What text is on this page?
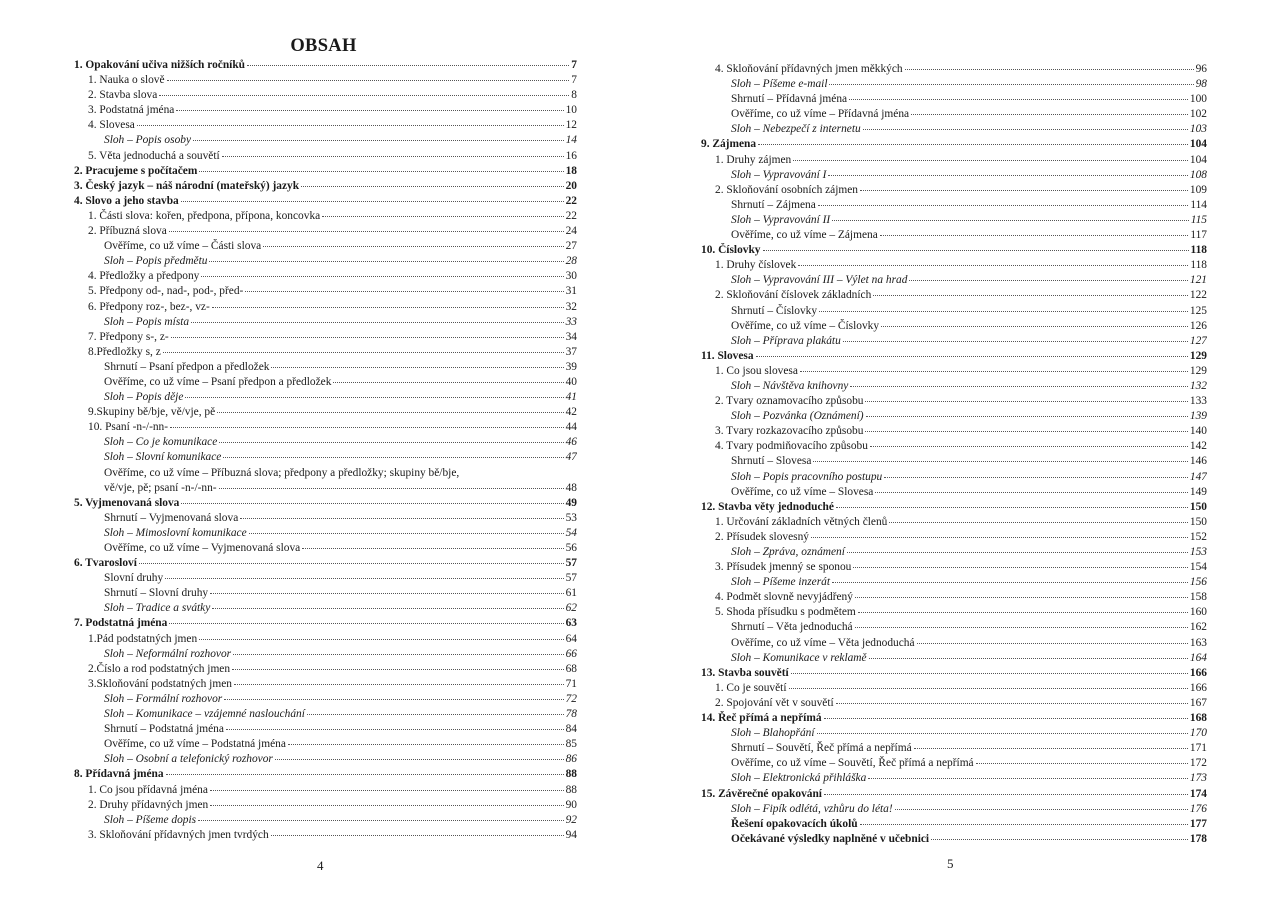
OBSAH
1. Opakování učiva nižších ročníků	7
1. Nauka o slově	7
2. Stavba slova	8
3. Podstatná jména	10
4. Slovesa	12
Sloh – Popis osoby	14
5. Věta jednoduchá a souvětí	16
2. Pracujeme s počítačem	18
3. Český jazyk – náš národní (mateřský) jazyk	20
4. Slovo a jeho stavba	22
1. Části slova: kořen, předpona, přípona, koncovka	22
2. Příbuzná slova	24
Ověříme, co už víme – Části slova	27
Sloh – Popis předmětu	28
4. Předložky a předpony	30
5. Předpony od-, nad-, pod-, před-	31
6. Předpony roz-, bez-, vz-	32
Sloh – Popis místa	33
7. Předpony s-, z-	34
8.Předložky s, z	37
Shrnutí – Psaní předpon a předložek	39
Ověříme, co už víme – Psaní předpon a předložek	40
Sloh – Popis děje	41
9.Skupiny bě/bje, vě/vje, pě	42
10. Psaní -n-/-nn-	44
Sloh – Co je komunikace	46
Sloh – Slovní komunikace	47
Ověříme, co už víme – Příbuzná slova; předpony a předložky; skupiny bě/bje,
vě/vje, pě; psaní -n-/-nn-	48
5. Vyjmenovaná slova	49
Shrnutí – Vyjmenovaná slova	53
Sloh – Mimoslovní komunikace	54
Ověříme, co už víme – Vyjmenovaná slova	56
6. Tvarosloví	57
Slovní druhy	57
Shrnutí – Slovní druhy	61
Sloh – Tradice a svátky	62
7. Podstatná jména	63
1.Pád podstatných jmen	64
Sloh – Neformální rozhovor	66
2.Číslo a rod podstatných jmen	68
3.Skloňování podstatných jmen	71
Sloh – Formální rozhovor	72
Sloh – Komunikace – vzájemné naslouchání	78
Shrnutí – Podstatná jména	84
Ověříme, co už víme – Podstatná jména	85
Sloh – Osobní a telefonický rozhovor	86
8. Přídavná jména	88
1. Co jsou přídavná jména	88
2. Druhy přídavných jmen	90
Sloh – Píšeme dopis	92
3. Skloňování přídavných jmen tvrdých	94
4
4. Skloňování přídavných jmen měkkých	96
Sloh – Píšeme e-mail	98
Shrnutí – Přídavná jména	100
Ověříme, co už víme – Přídavná jména	102
Sloh – Nebezpečí z internetu	103
9. Zájmena	104
1. Druhy zájmen	104
Sloh – Vypravování I	108
2. Skloňování osobních zájmen	109
Shrnutí – Zájmena	114
Sloh – Vypravování II	115
Ověříme, co už víme – Zájmena	117
10. Číslovky	118
1. Druhy číslovek	118
Sloh – Vypravování III – Výlet na hrad	121
2. Skloňování číslovek základních	122
Shrnutí – Číslovky	125
Ověříme, co už víme – Číslovky	126
Sloh – Příprava plakátu	127
11. Slovesa	129
1. Co jsou slovesa	129
Sloh – Návštěva knihovny	132
2. Tvary oznamovacího způsobu	133
Sloh – Pozvánka (Oznámení)	139
3. Tvary rozkazovacího způsobu	140
4. Tvary podmiňovacího způsobu	142
Shrnutí – Slovesa	146
Sloh – Popis pracovního postupu	147
Ověříme, co už víme – Slovesa	149
12. Stavba věty jednoduché	150
1. Určování základních větných členů	150
2. Přísudek slovesný	152
Sloh – Zpráva, oznámení	153
3. Přísudek jmenný se sponou	154
Sloh – Píšeme inzerát	156
4. Podmět slovně nevyjádřený	158
5. Shoda přísudku s podmětem	160
Shrnutí – Věta jednoduchá	162
Ověříme, co už víme – Věta jednoduchá	163
Sloh – Komunikace v reklamě	164
13. Stavba souvětí	166
1. Co je souvětí	166
2. Spojování vět v souvětí	167
14. Řeč přímá a nepřímá	168
Sloh – Blahopřání	170
Shrnutí – Souvětí, Řeč přímá a nepřímá	171
Ověříme, co už víme – Souvětí, Řeč přímá a nepřímá	172
Sloh – Elektronická přihláška	173
15. Závěrečné opakování	174
Sloh – Fipík odlétá, vzhůru do léta!	176
Řešení opakovacích úkolů	177
Očekávané výsledky naplněné v učebnici	178
5
